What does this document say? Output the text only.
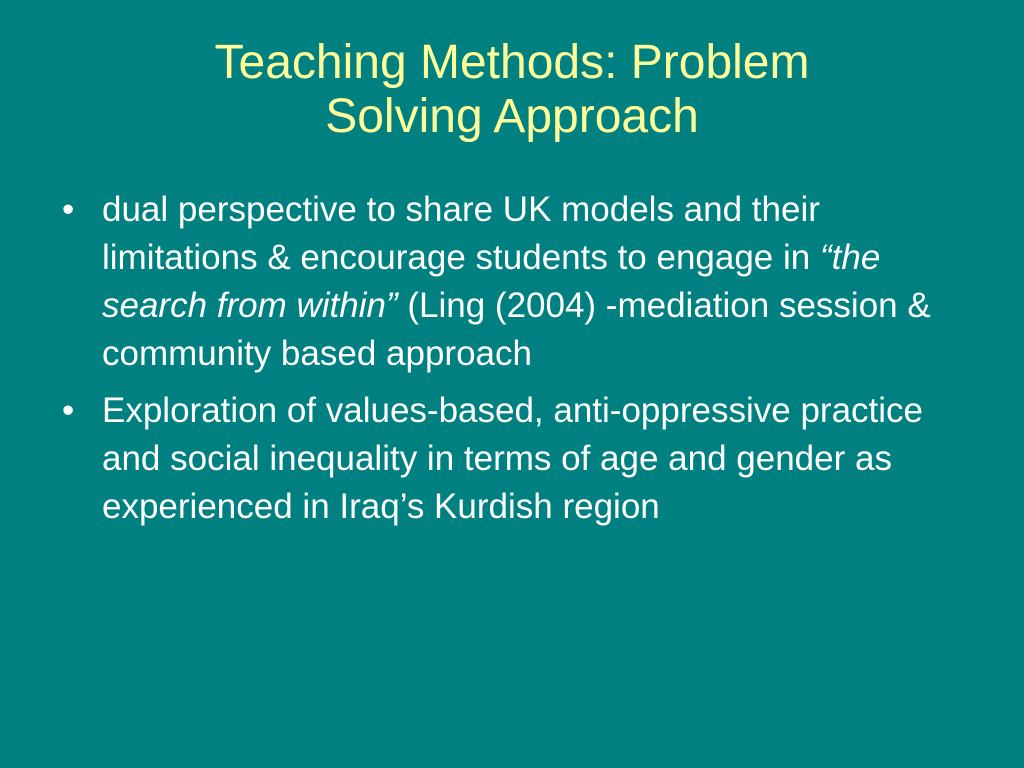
Teaching Methods: Problem
Solving Approach
• dual perspective to share UK models and their limitations & encourage students to engage in “the search from within” (Ling (2004) -mediation session & community based approach
• Exploration of values-based, anti-oppressive practice and social inequality in terms of age and gender as experienced in Iraq’s Kurdish region
